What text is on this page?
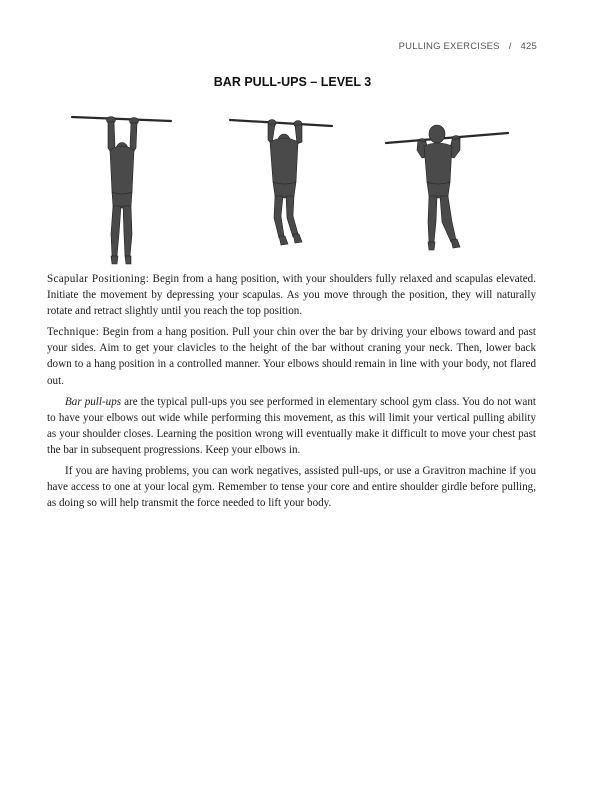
PULLING EXERCISES / 425
BAR PULL-UPS – LEVEL 3

Scapular Positioning: Begin from a hang position, with your shoulders fully relaxed and scapulas elevated. Initiate the movement by depressing your scapulas. As you move through the position, they will naturally rotate and retract slightly until you reach the top position.

Technique: Begin from a hang position. Pull your chin over the bar by driving your elbows toward and past your sides. Aim to get your clavicles to the height of the bar without craning your neck. Then, lower back down to a hang position in a controlled manner. Your elbows should remain in line with your body, not flared out.

Bar pull-ups are the typical pull-ups you see performed in elementary school gym class. You do not want to have your elbows out wide while performing this movement, as this will limit your vertical pulling ability as your shoulder closes. Learning the position wrong will eventually make it difficult to move your chest past the bar in subsequent progressions. Keep your elbows in.

If you are having problems, you can work negatives, assisted pull-ups, or use a Gravitron machine if you have access to one at your local gym. Remember to tense your core and entire shoulder girdle before pulling, as doing so will help transmit the force needed to lift your body.
